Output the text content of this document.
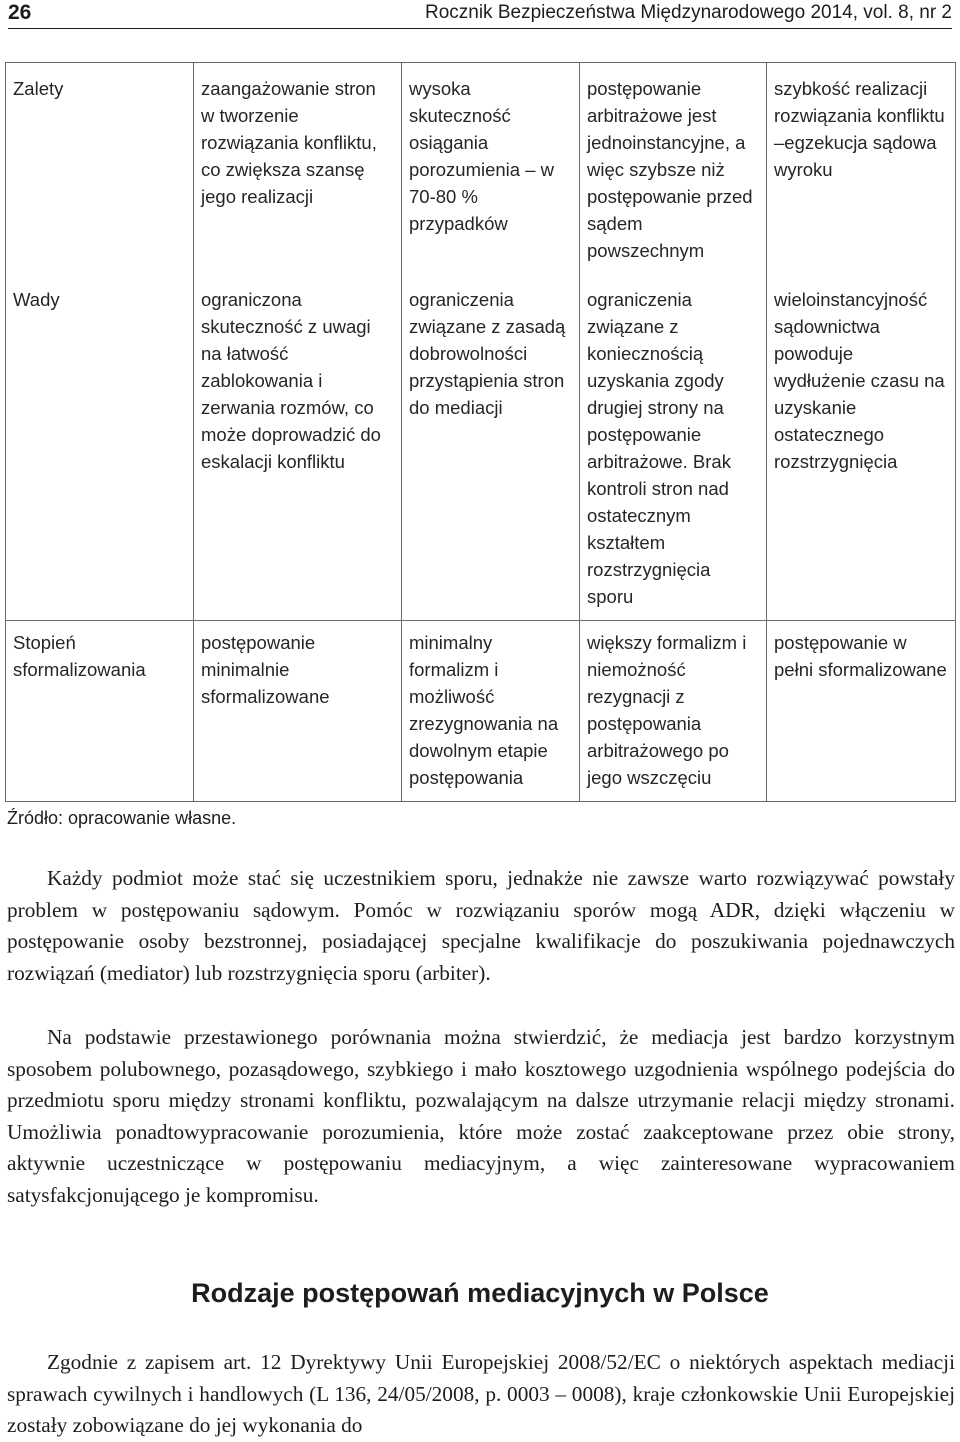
26	Rocznik Bezpieczeństwa Międzynarodowego 2014, vol. 8, nr 2
Zalety	zaangażowanie stron w tworzenie rozwiązania konfliktu, co zwiększa szansę jego realizacji	wysoka skuteczność osiągania porozumienia – w 70-80 % przypadków	postępowanie arbitrażowe jest jednoinstancyjne, a więc szybsze niż postępowanie przed sądem powszechnym	szybkość realizacji rozwiązania konfliktu –egzekucja sądowa wyroku
Wady	ograniczona skuteczność z uwagi na łatwość zablokowania i zerwania rozmów, co może doprowadzić do eskalacji konfliktu	ograniczenia związane z zasadą dobrowolności przystąpienia stron do mediacji	ograniczenia związane z koniecznością uzyskania zgody drugiej strony na postępowanie arbitrażowe. Brak kontroli stron nad ostatecznym kształtem rozstrzygnięcia sporu	wieloinstancyjność sądownictwa powoduje wydłużenie czasu na uzyskanie ostatecznego rozstrzygnięcia
Stopień sformalizowania	postępowanie minimalnie sformalizowane	minimalny formalizm i możliwość zrezygnowania na dowolnym etapie postępowania	większy formalizm i niemożność rezygnacji z postępowania arbitrażowego po jego wszczęciu	postępowanie w pełni sformalizowane
Źródło: opracowanie własne.

Każdy podmiot może stać się uczestnikiem sporu, jednakże nie zawsze warto rozwiązywać powstały problem w postępowaniu sądowym. Pomóc w rozwiązaniu sporów mogą ADR, dzięki włączeniu w postępowanie osoby bezstronnej, posiadającej specjalne kwalifikacje do poszukiwania pojednawczych rozwiązań (mediator) lub rozstrzygnięcia sporu (arbiter).

Na podstawie przestawionego porównania można stwierdzić, że mediacja jest bardzo korzystnym sposobem polubownego, pozasądowego, szybkiego i mało kosztowego uzgodnienia wspólnego podejścia do przedmiotu sporu między stronami konfliktu, pozwalającym na dalsze utrzymanie relacji między stronami. Umożliwia ponadtowypracowanie porozumienia, które może zostać zaakceptowane przez obie strony, aktywnie uczestniczące w postępowaniu mediacyjnym, a więc zainteresowane wypracowaniem satysfakcjonującego je kompromisu.

Rodzaje postępowań mediacyjnych w Polsce

Zgodnie z zapisem art. 12 Dyrektywy Unii Europejskiej 2008/52/EC o niektórych aspektach mediacji sprawach cywilnych i handlowych (L 136, 24/05/2008, p. 0003 – 0008), kraje członkowskie Unii Europejskiej zostały zobowiązane do jej wykonania do
